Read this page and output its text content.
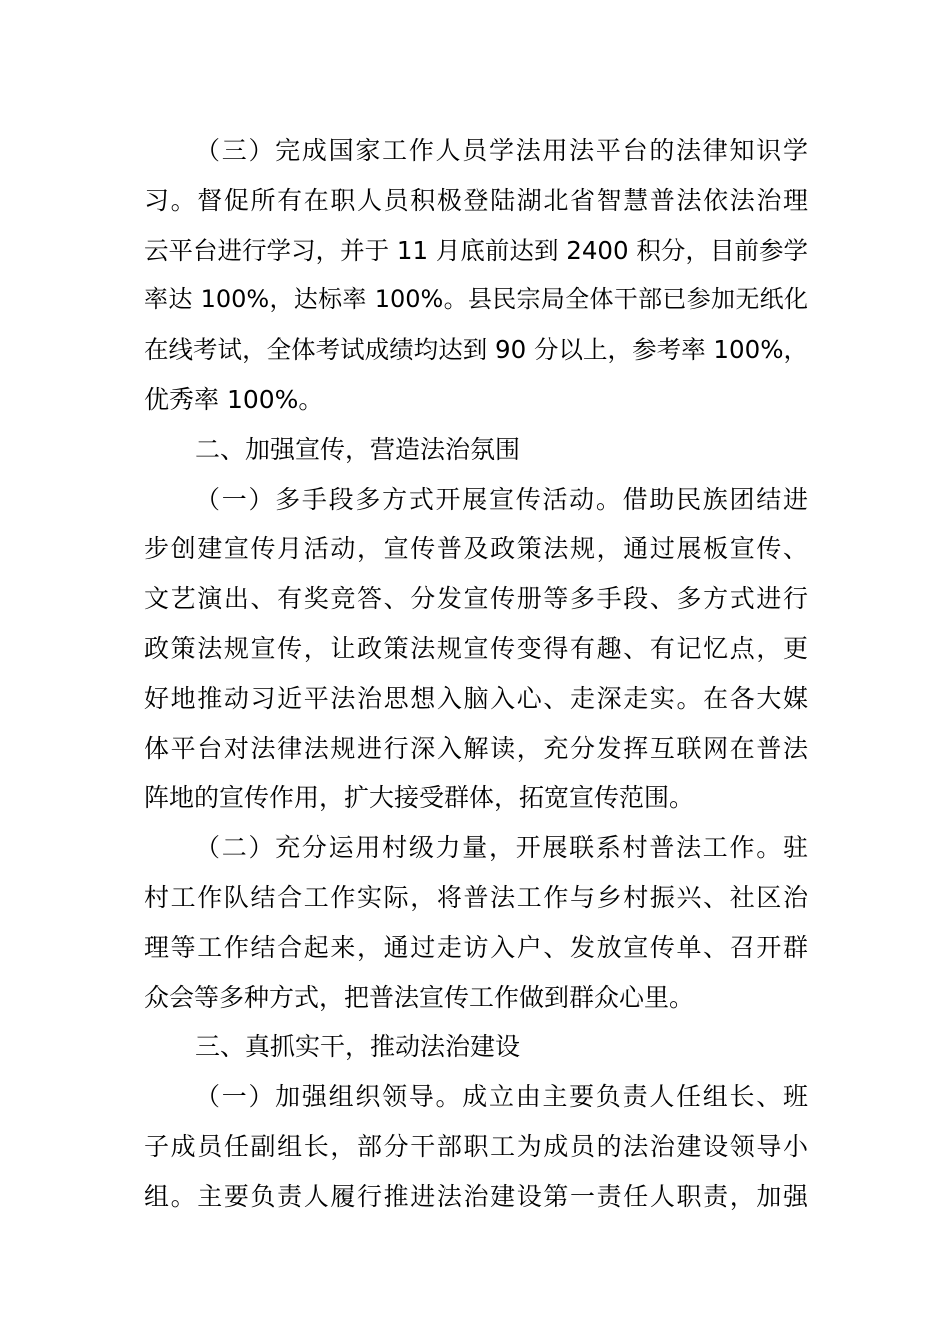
（三）完成国家工作人员学法用法平台的法律知识学
习。督促所有在职人员积极登陆湖北省智慧普法依法治理
云平台进行学习，并于 11 月底前达到 2400 积分，目前参学
率达 100%，达标率 100%。县民宗局全体干部已参加无纸化
在线考试，全体考试成绩均达到 90 分以上，参考率 100%，
优秀率 100%。
二、加强宣传，营造法治氛围
（一）多手段多方式开展宣传活动。借助民族团结进
步创建宣传月活动，宣传普及政策法规，通过展板宣传、
文艺演出、有奖竞答、分发宣传册等多手段、多方式进行
政策法规宣传，让政策法规宣传变得有趣、有记忆点，更
好地推动习近平法治思想入脑入心、走深走实。在各大媒
体平台对法律法规进行深入解读，充分发挥互联网在普法
阵地的宣传作用，扩大接受群体，拓宽宣传范围。
（二）充分运用村级力量，开展联系村普法工作。驻
村工作队结合工作实际，将普法工作与乡村振兴、社区治
理等工作结合起来，通过走访入户、发放宣传单、召开群
众会等多种方式，把普法宣传工作做到群众心里。
三、真抓实干，推动法治建设
（一）加强组织领导。成立由主要负责人任组长、班
子成员任副组长，部分干部职工为成员的法治建设领导小
组。主要负责人履行推进法治建设第一责任人职责，加强
